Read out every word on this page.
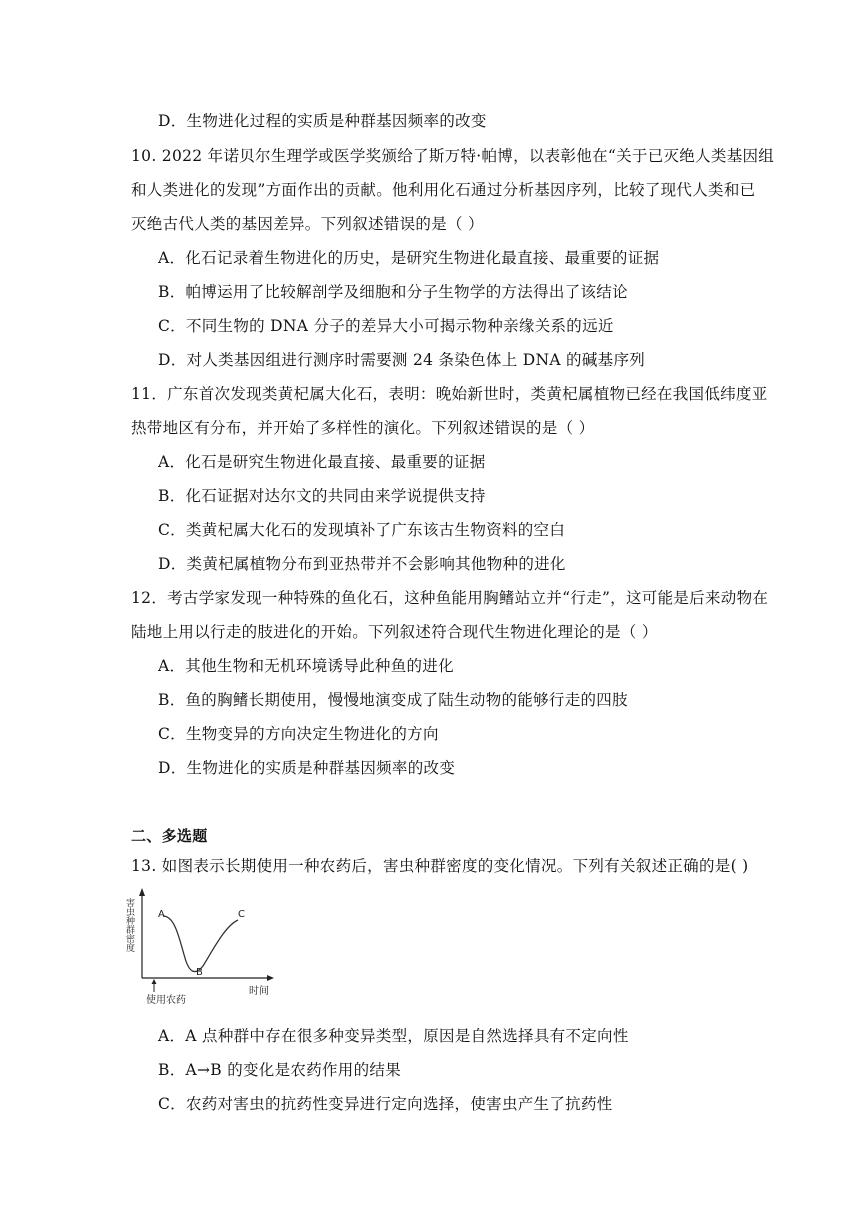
D．生物进化过程的实质是种群基因频率的改变
10. 2022 年诺贝尔生理学或医学奖颁给了斯万特·帕博，以表彰他在“关于已灭绝人类基因组
和人类进化的发现”方面作出的贡献。他利用化石通过分析基因序列，比较了现代人类和已
灭绝古代人类的基因差异。下列叙述错误的是（ ）
A．化石记录着生物进化的历史，是研究生物进化最直接、最重要的证据
B．帕博运用了比较解剖学及细胞和分子生物学的方法得出了该结论
C．不同生物的 DNA 分子的差异大小可揭示物种亲缘关系的远近
D．对人类基因组进行测序时需要测 24 条染色体上 DNA 的碱基序列
11．广东首次发现类黄杞属大化石，表明：晚始新世时，类黄杞属植物已经在我国低纬度亚
热带地区有分布，并开始了多样性的演化。下列叙述错误的是（ ）
A．化石是研究生物进化最直接、最重要的证据
B．化石证据对达尔文的共同由来学说提供支持
C．类黄杞属大化石的发现填补了广东该古生物资料的空白
D．类黄杞属植物分布到亚热带并不会影响其他物种的进化
12．考古学家发现一种特殊的鱼化石，这种鱼能用胸鳍站立并“行走”，这可能是后来动物在
陆地上用以行走的肢进化的开始。下列叙述符合现代生物进化理论的是（ ）
A．其他生物和无机环境诱导此种鱼的进化
B．鱼的胸鳍长期使用，慢慢地演变成了陆生动物的能够行走的四肢
C．生物变异的方向决定生物进化的方向
D．生物进化的实质是种群基因频率的改变
二、多选题
13. 如图表示长期使用一种农药后，害虫种群密度的变化情况。下列有关叙述正确的是( )
害虫种群密度 A
B
C
使用农药
时间
A．A 点种群中存在很多种变异类型，原因是自然选择具有不定向性
B．A→B 的变化是农药作用的结果
C．农药对害虫的抗药性变异进行定向选择，使害虫产生了抗药性
